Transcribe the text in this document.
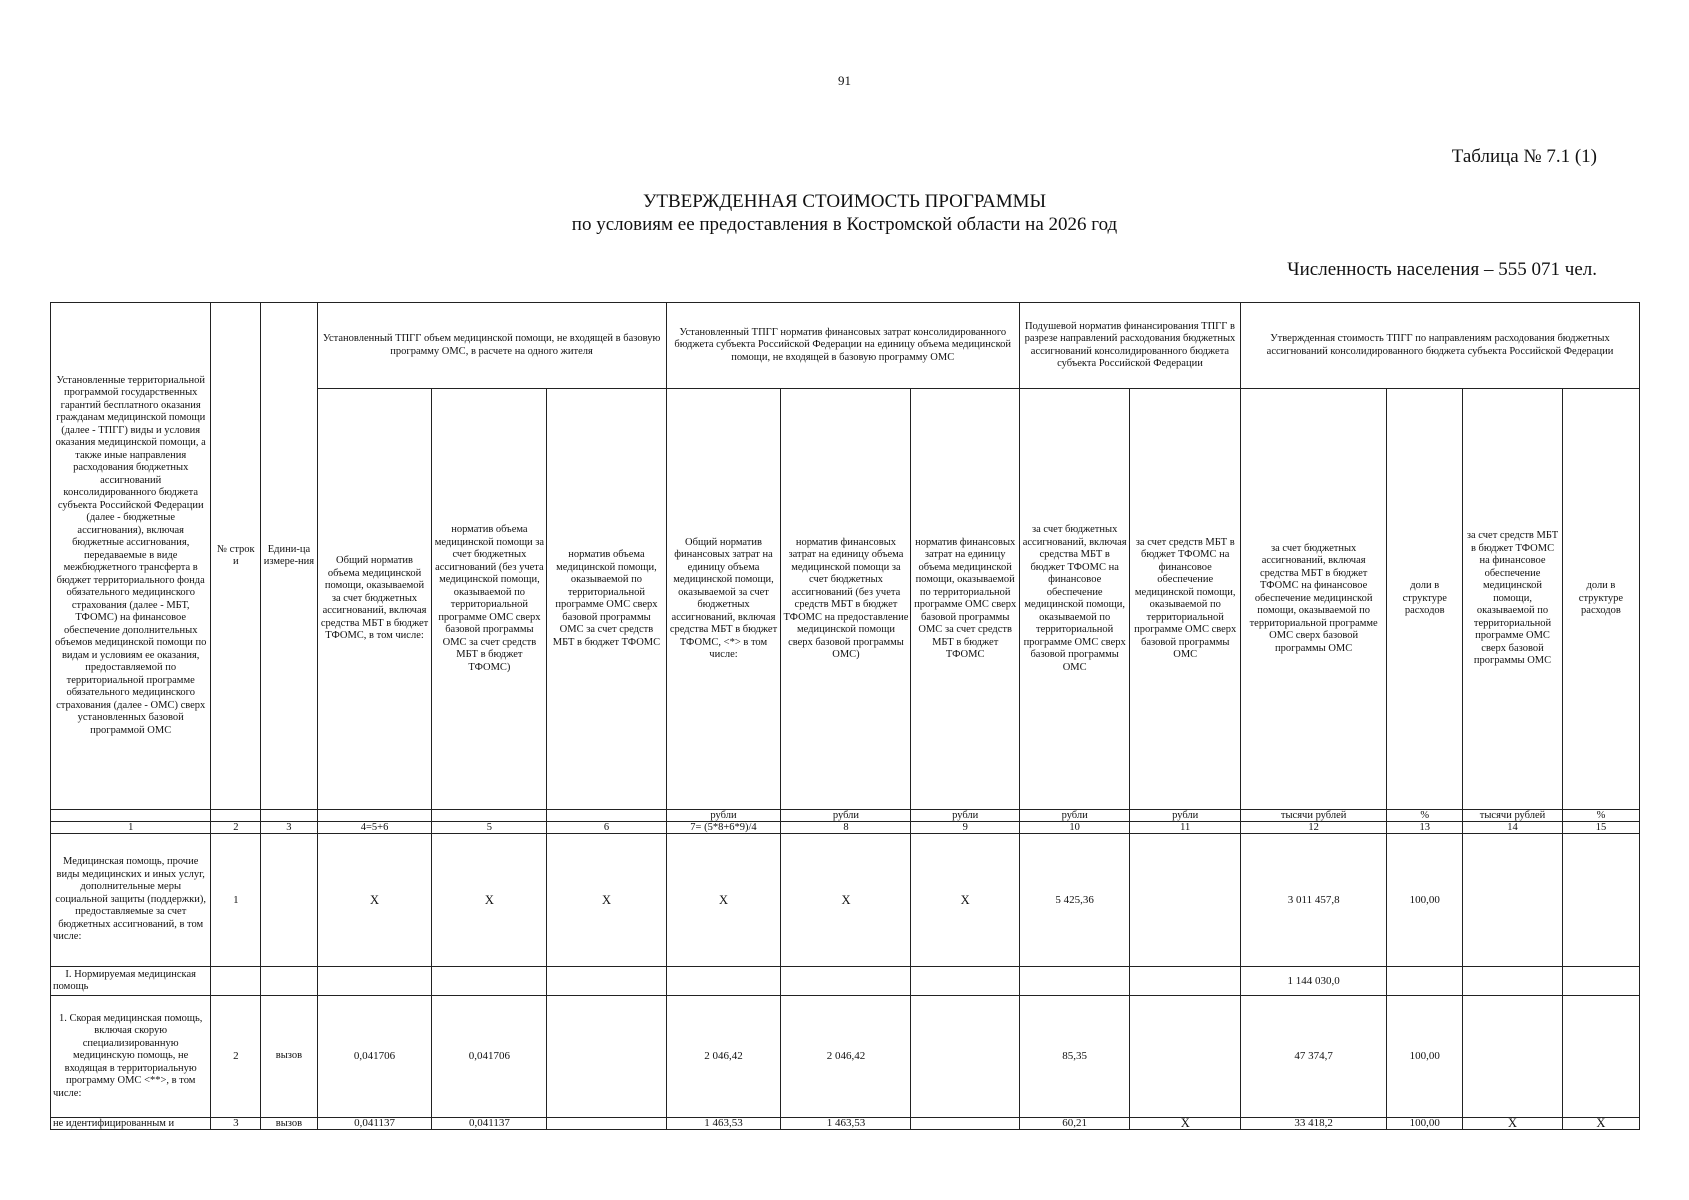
91
Таблица № 7.1 (1)
УТВЕРЖДЕННАЯ СТОИМОСТЬ ПРОГРАММЫ
по условиям ее предоставления в Костромской области на 2026 год
Численность населения – 555 071 чел.
Установленные территориальной программой государственных гарантий бесплатного оказания гражданам медицинской помощи (далее - ТПГГ) виды и условия оказания медицинской помощи, а также иные направления расходования бюджетных ассигнований консолидированного бюджета субъекта Российской Федерации (далее - бюджетные ассигнования), включая бюджетные ассигнования, передаваемые в виде межбюджетного трансферта в бюджет территориального фонда обязательного медицинского страхования (далее - МБТ, ТФОМС) на финансовое обеспечение дополнительных объемов медицинской помощи по видам и условиям ее оказания, предоставляемой по территориальной программе обязательного медицинского страхования (далее - ОМС) сверх установленных базовой программой ОМС	№ строк и	Едини-ца измере-ния	Установленный ТПГГ объем медицинской помощи, не входящей в базовую программу ОМС, в расчете на одного жителя			Установленный ТПГГ норматив финансовых затрат консолидированного бюджета субъекта Российской Федерации на единицу объема медицинской помощи, не входящей в базовую программу ОМС			Подушевой норматив финансирования ТПГГ в разрезе направлений расходования бюджетных ассигнований консолидированного бюджета субъекта Российской Федерации		Утвержденная стоимость ТПГГ по направлениям расходования бюджетных ассигнований консолидированного бюджета субъекта Российской Федерации			
			Общий норматив объема медицинской помощи, оказываемой за счет бюджетных ассигнований, включая средства МБТ в бюджет ТФОМС, в том числе:	норматив объема медицинской помощи за счет бюджетных ассигнований (без учета медицинской помощи, оказываемой по территориальной программе ОМС сверх базовой программы ОМС за счет средств МБТ в бюджет ТФОМС)	норматив объема медицинской помощи, оказываемой по территориальной программе ОМС сверх базовой программы ОМС за счет средств МБТ в бюджет ТФОМС	Общий норматив финансовых затрат на единицу объема медицинской помощи, оказываемой за счет бюджетных ассигнований, включая средства МБТ в бюджет ТФОМС, <*> в том числе:	норматив финансовых затрат на единицу объема медицинской помощи за счет бюджетных ассигнований (без учета средств МБТ в бюджет ТФОМС на предоставление медицинской помощи сверх базовой программы ОМС)	норматив финансовых затрат на единицу объема медицинской помощи, оказываемой по территориальной программе ОМС сверх базовой программы ОМС за счет средств МБТ в бюджет ТФОМС	за счет бюджетных ассигнований, включая средства МБТ в бюджет ТФОМС на финансовое обеспечение медицинской помощи, оказываемой по территориальной программе ОМС сверх базовой программы ОМС	за счет средств МБТ в бюджет ТФОМС на финансовое обеспечение медицинской помощи, оказываемой по территориальной программе ОМС сверх базовой программы ОМС	за счет бюджетных ассигнований, включая средства МБТ в бюджет ТФОМС на финансовое обеспечение медицинской помощи, оказываемой по территориальной программе ОМС сверх базовой программы ОМС	доли в структуре расходов	за счет средств МБТ в бюджет ТФОМС на финансовое обеспечение медицинской помощи, оказываемой по территориальной программе ОМС сверх базовой программы ОМС	доли в структуре расходов
						рубли	рубли	рубли	рубли	рубли	тысячи рублей	%	тысячи рублей	%
1	2	3	4=5+6	5	6	7= (5*8+6*9)/4	8	9	10	11	12	13	14	15
Медицинская помощь, прочие виды медицинских и иных услуг, дополнительные меры социальной защиты (поддержки), предоставляемые за счет бюджетных ассигнований, в том числе:	1		X	X	X	X	X	X	5 425,36		3 011 457,8	100,00		
I. Нормируемая медицинская помощь											1 144 030,0			
1. Скорая медицинская помощь, включая скорую специализированную медицинскую помощь, не входящая в территориальную программу ОМС <**>, в том числе:	2	вызов	0,041706	0,041706		2 046,42	2 046,42		85,35		47 374,7	100,00		
не идентифицированным и	3	вызов	0,041137	0,041137		1 463,53	1 463,53		60,21	X	33 418,2	100,00	X	X
